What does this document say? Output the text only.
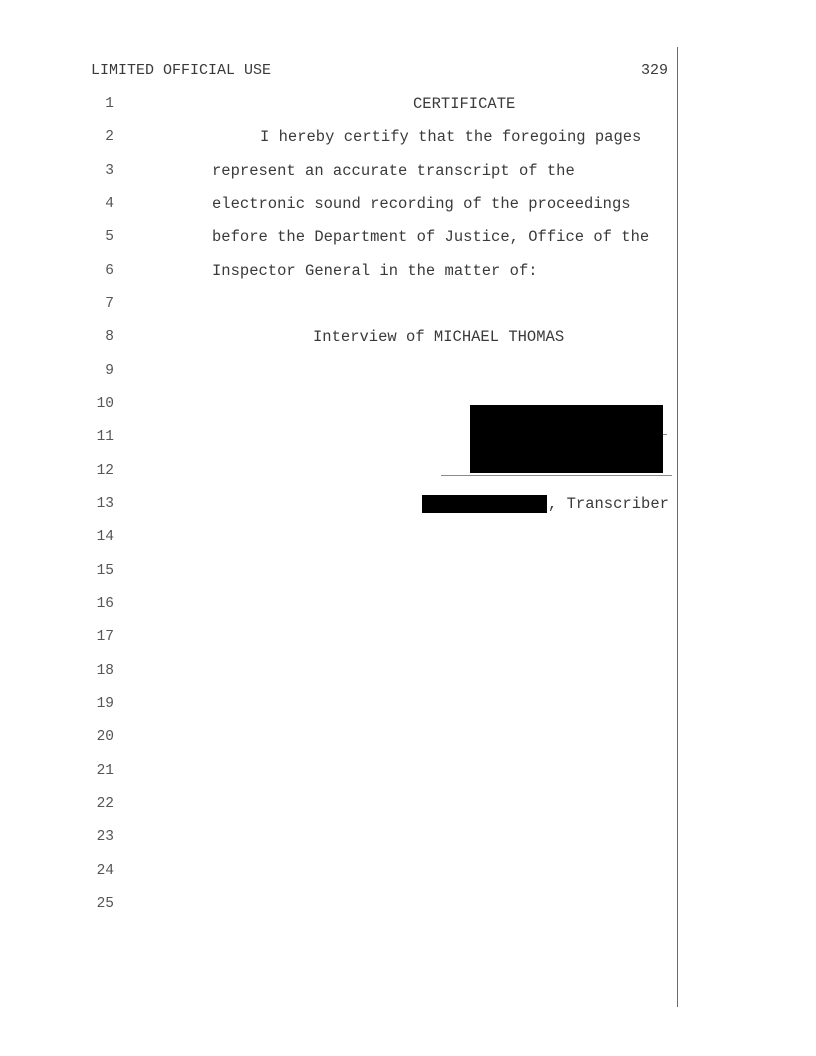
LIMITED OFFICIAL USE	329
1
2
3
4
5
6
7
8
9
10
11
12
13
14
15
16
17
18
19
20
21
22
23
24
25
CERTIFICATE
I hereby certify that the foregoing pages
represent an accurate transcript of the
electronic sound recording of the proceedings
before the Department of Justice, Office of the
Inspector General in the matter of:
Interview of MICHAEL THOMAS
, Transcriber
